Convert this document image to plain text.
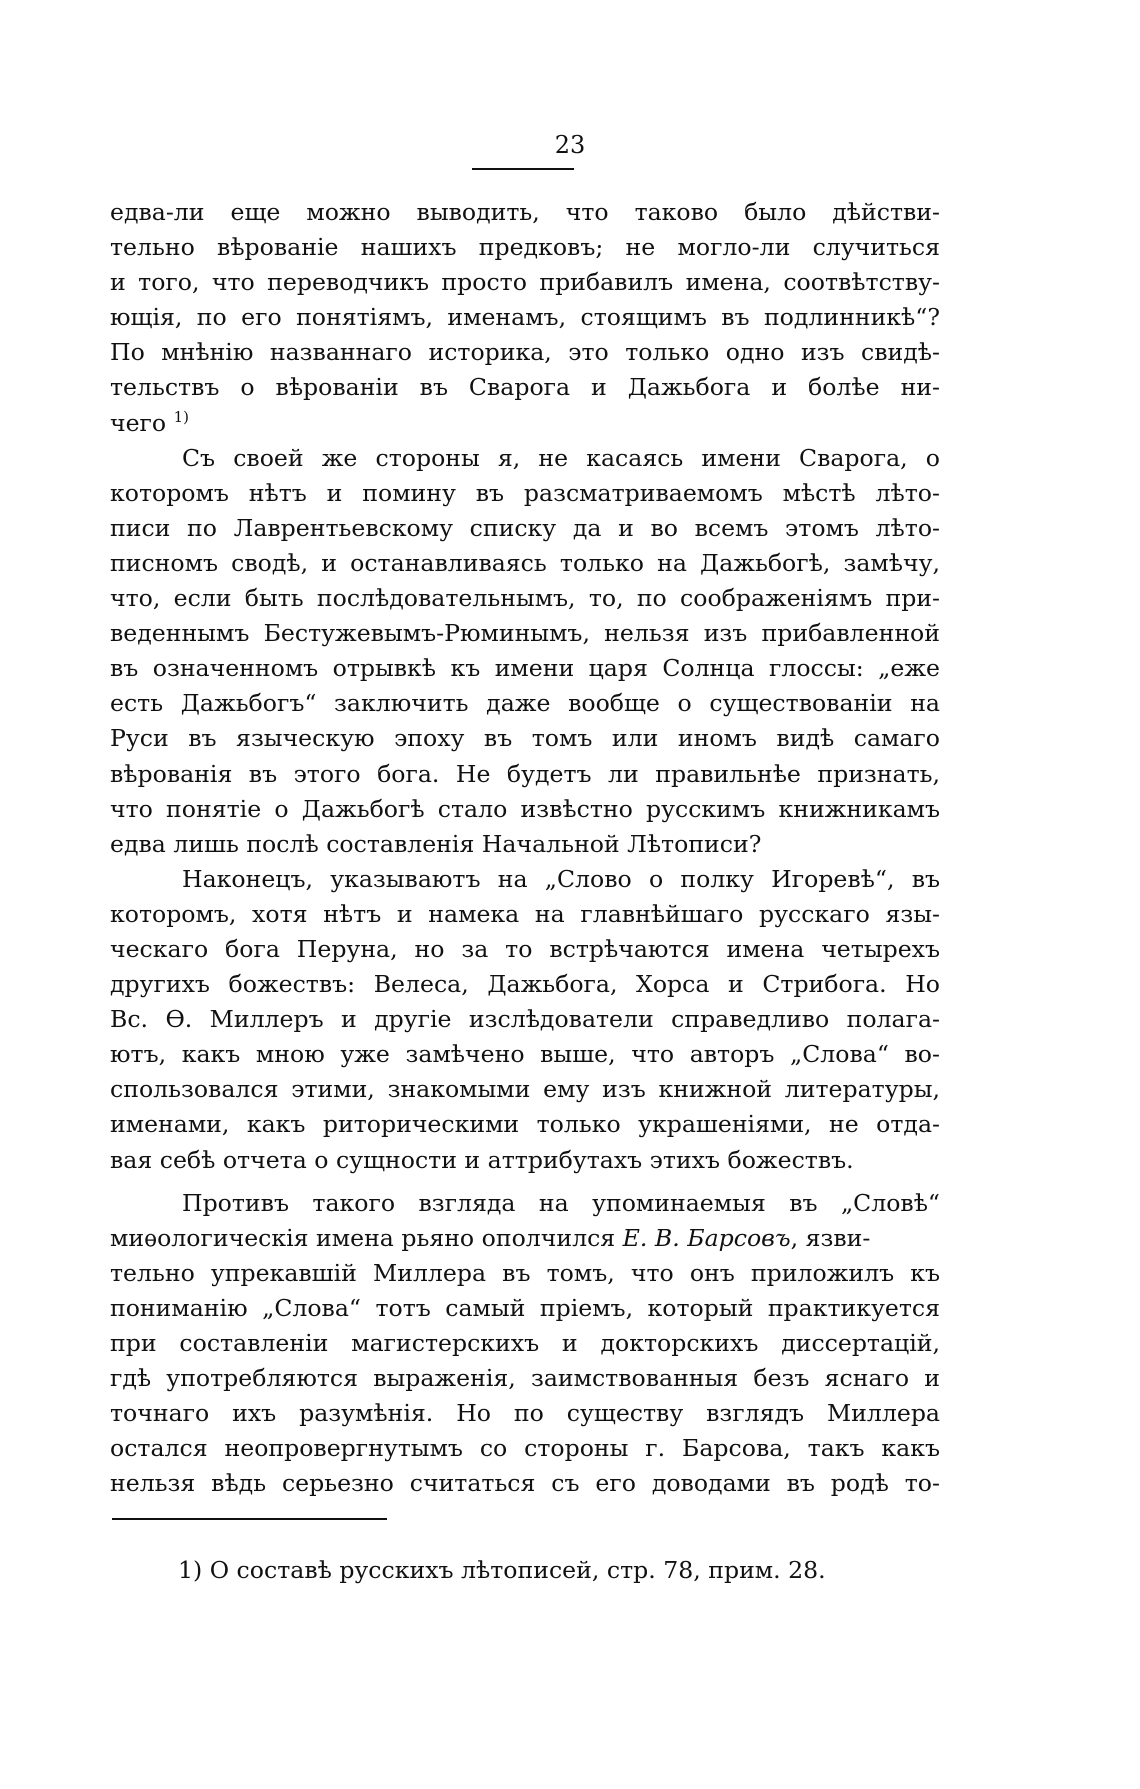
23
едва-ли еще можно выводить, что таково было дѣйстви-
тельно вѣрованіе нашихъ предковъ; не могло-ли случиться
и того, что переводчикъ просто прибавилъ имена, соотвѣтству-
ющія, по его понятіямъ, именамъ, стоящимъ въ подлинникѣ“?
По мнѣнію названнаго историка, это только одно изъ свидѣ-
тельствъ о вѣрованіи въ Сварога и Дажьбога и болѣе ни-
чего $^{1)}$
Съ своей же стороны я, не касаясь имени Сварога, о
которомъ нѣтъ и помину въ разсматриваемомъ мѣстѣ лѣто-
писи по Лаврентьевскому списку да и во всемъ этомъ лѣто-
писномъ сводѣ, и останавливаясь только на Дажьбогѣ, замѣчу,
что, если быть послѣдовательнымъ, то, по соображеніямъ при-
веденнымъ Бестужевымъ-Рюминымъ, нельзя изъ прибавленной
въ означенномъ отрывкѣ къ имени царя Солнца глоссы: „еже
есть Дажьбогъ“ заключить даже вообще о существованіи на
Руси въ языческую эпоху въ томъ или иномъ видѣ самаго
вѣрованія въ этого бога. Не будетъ ли правильнѣе признать,
что понятіе о Дажьбогѣ стало извѣстно русскимъ книжникамъ
едва лишь послѣ составленія Начальной Лѣтописи?
Наконецъ, указываютъ на „Слово о полку Игоревѣ“, въ
которомъ, хотя нѣтъ и намека на главнѣйшаго русскаго язы-
ческаго бога Перуна, но за то встрѣчаются имена четырехъ
другихъ божествъ: Велеса, Дажьбога, Хорса и Стрибога. Но
Вс. Ѳ. Миллеръ и другіе изслѣдователи справедливо полага-
ютъ, какъ мною уже замѣчено выше, что авторъ „Слова“ во-
спользовался этими, знакомыми ему изъ книжной литературы,
именами, какъ риторическими только украшеніями, не отда-
вая себѣ отчета о сущности и аттрибутахъ этихъ божествъ.
Противъ такого взгляда на упоминаемыя въ „Словѣ“
миѳологическія имена рьяно ополчился Е. В. Барсовъ, язви-
тельно упрекавшій Миллера въ томъ, что онъ приложилъ къ
пониманію „Слова“ тотъ самый пріемъ, который практикуется
при составленіи магистерскихъ и докторскихъ диссертацій,
гдѣ употребляются выраженія, заимствованныя безъ яснаго и
точнаго ихъ разумѣнія. Но по существу взглядъ Миллера
остался неопровергнутымъ со стороны г. Барсова, такъ какъ
нельзя вѣдь серьезно считаться съ его доводами въ родѣ то-
1) О составѣ русскихъ лѣтописей, стр. 78, прим. 28.
